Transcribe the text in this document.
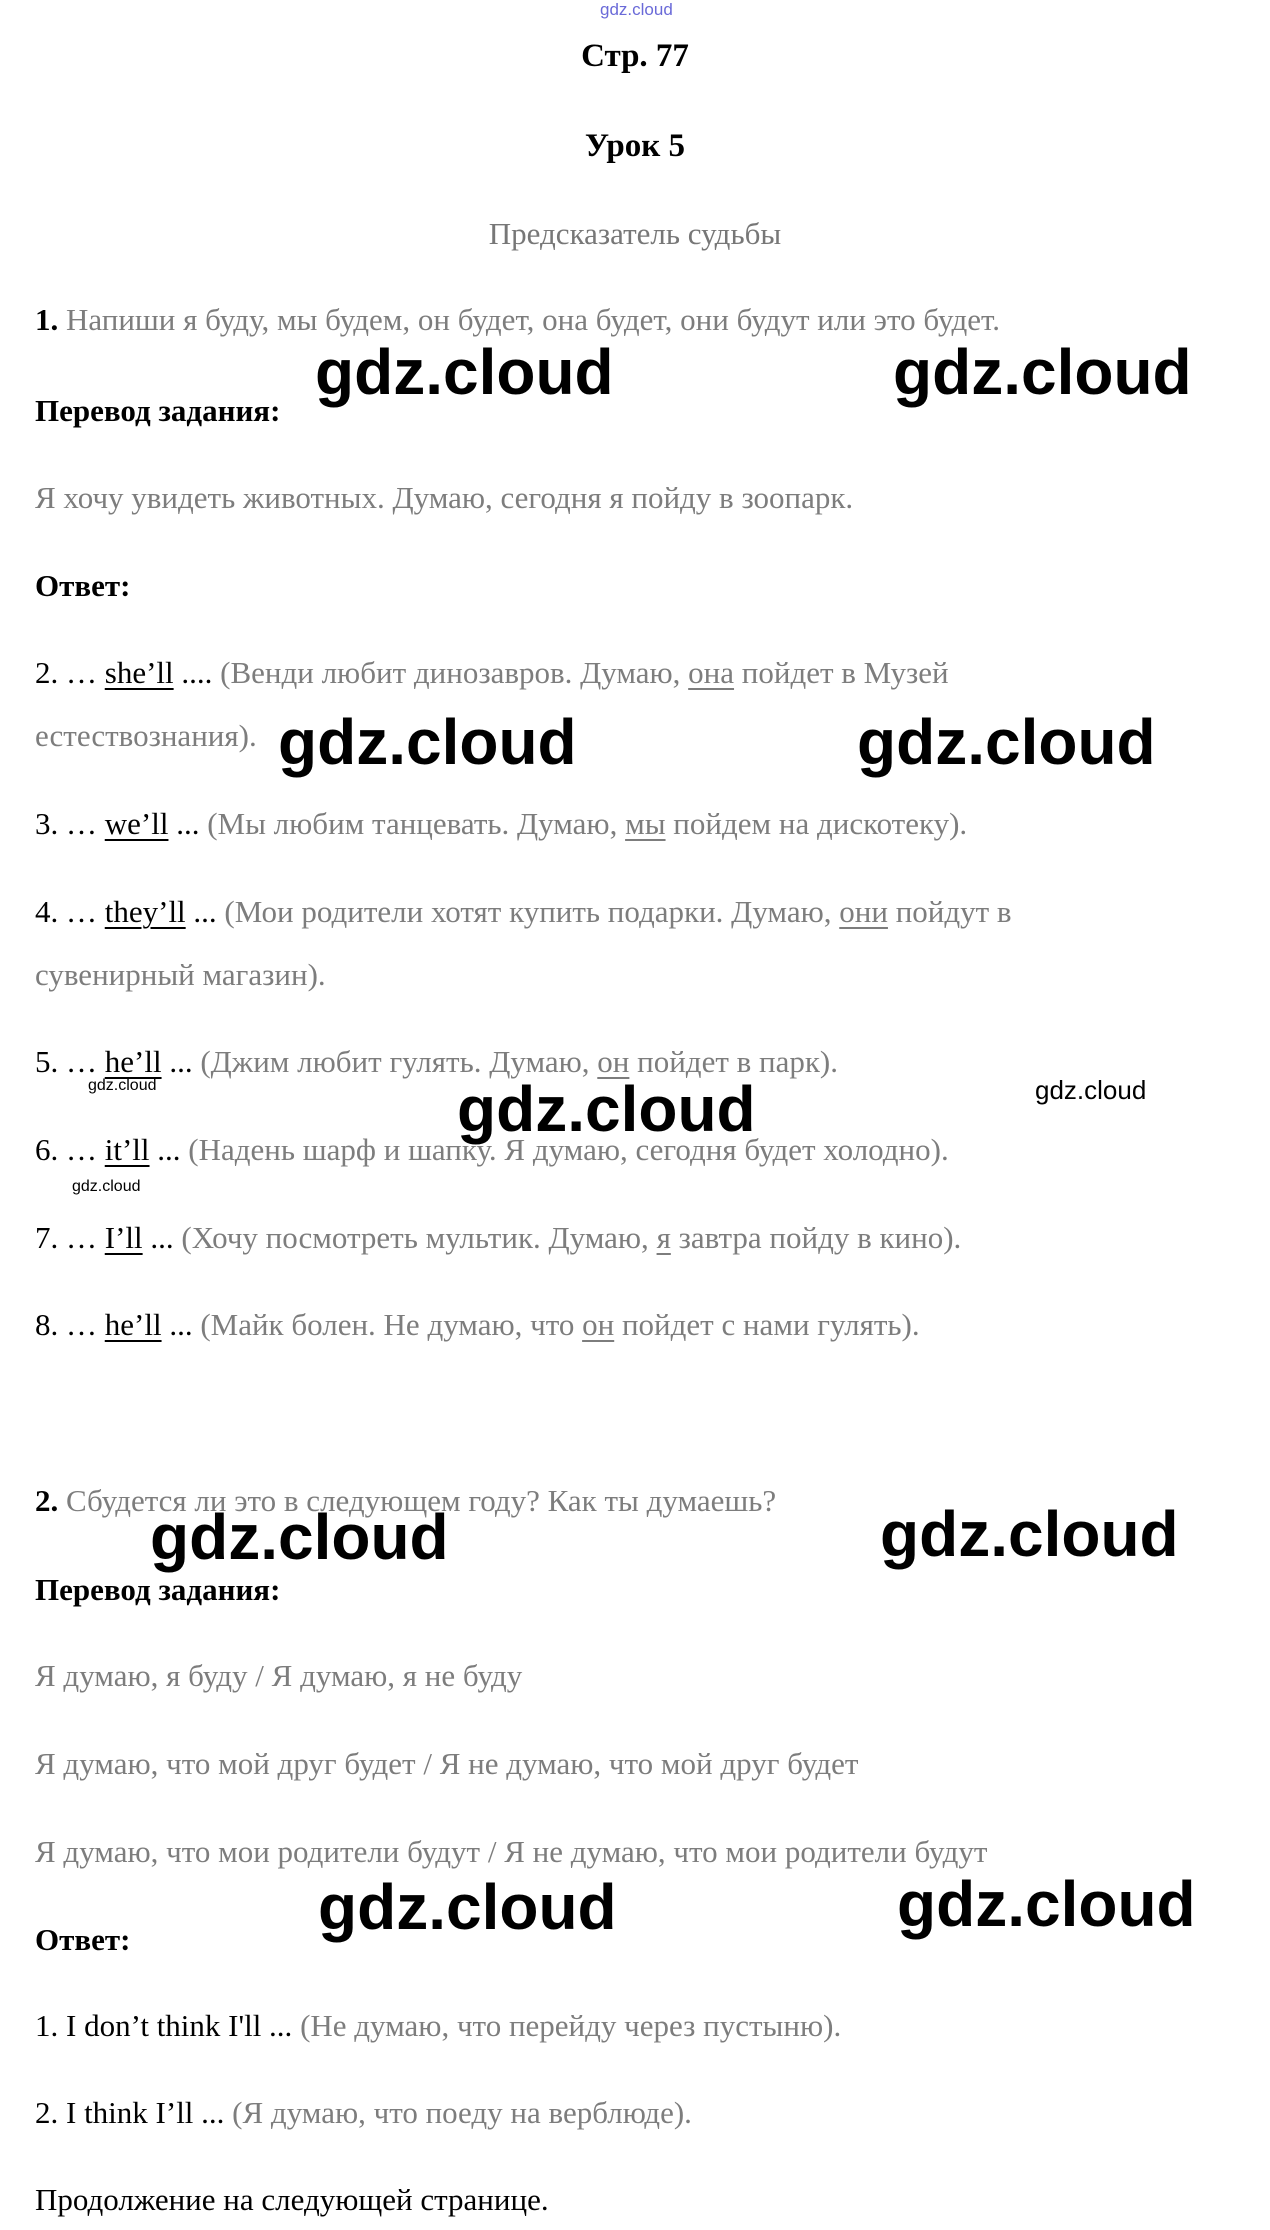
gdz.cloud
Стр. 77
Урок 5
Предсказатель судьбы
1. Напиши я буду, мы будем, он будет, она будет, они будут или это будет.
Перевод задания:
Я хочу увидеть животных. Думаю, сегодня я пойду в зоопарк.
Ответ:
2. … she’ll .... (Венди любит динозавров. Думаю, она пойдет в Музей
естествознания).
3. … we’ll ... (Мы любим танцевать. Думаю, мы пойдем на дискотеку).
4. … they’ll ... (Мои родители хотят купить подарки. Думаю, они пойдут в
сувенирный магазин).
5. … he’ll ... (Джим любит гулять. Думаю, он пойдет в парк).
6. … it’ll ... (Надень шарф и шапку. Я думаю, сегодня будет холодно).
7. … I’ll ... (Хочу посмотреть мультик. Думаю, я завтра пойду в кино).
8. … he’ll ... (Майк болен. Не думаю, что он пойдет с нами гулять).
2. Сбудется ли это в следующем году? Как ты думаешь?
Перевод задания:
Я думаю, я буду / Я думаю, я не буду
Я думаю, что мой друг будет / Я не думаю, что мой друг будет
Я думаю, что мои родители будут / Я не думаю, что мои родители будут
Ответ:
1. I don’t think I'll ... (Не думаю, что перейду через пустыню).
2. I think I’ll ... (Я думаю, что поеду на верблюде).
Продолжение на следующей странице.
gdz.cloud	gdz.cloud
gdz.cloud	gdz.cloud
gdz.cloud
gdz.cloud	gdz.cloud
gdz.cloud	gdz.cloud
gdz.cloud
gdz.cloud
gdz.cloud
